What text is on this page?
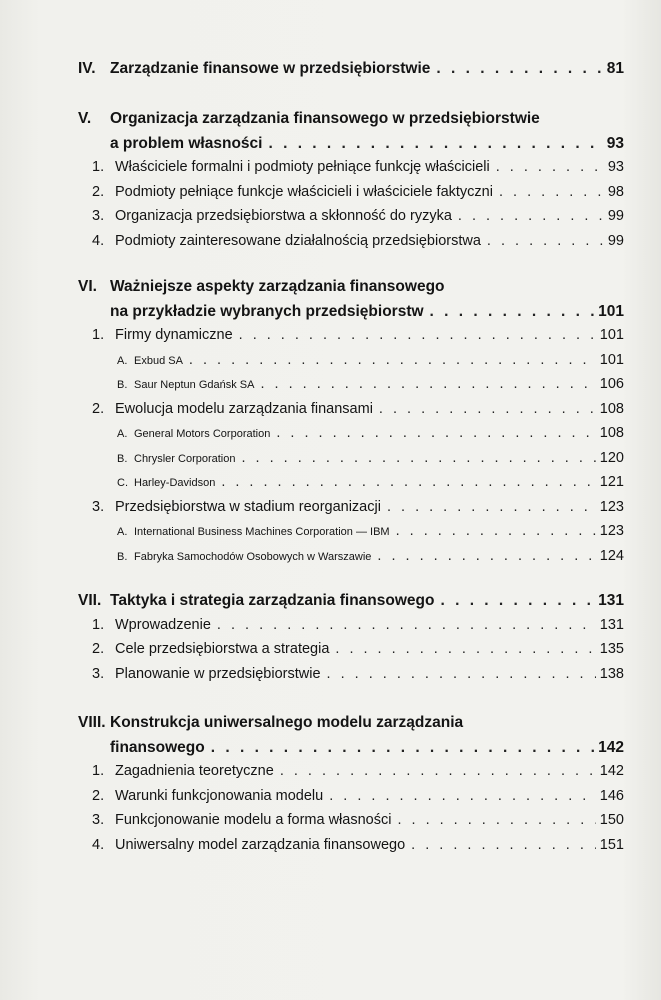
IV. Zarządzanie finansowe w przedsiębiorstwie . . .	81
V.	Organizacja zarządzania finansowego w przedsiębiorstwie
a problem własności . . .	93
1. Właściciele formalni i podmioty pełniące funkcję właścicieli . . .	93
2. Podmioty pełniące funkcje właścicieli i właściciele faktyczni . . .	98
3. Organizacja przedsiębiorstwa a skłonność do ryzyka . . .	99
4. Podmioty zainteresowane działalnością przedsiębiorstwa . . .	99
VI. Ważniejsze aspekty zarządzania finansowego
na przykładzie wybranych przedsiębiorstw . . .	101
1. Firmy dynamiczne . . .	101
A. Exbud SA . . .	101
B. Saur Neptun Gdańsk SA . . .	106
2. Ewolucja modelu zarządzania finansami . . .	108
A. General Motors Corporation . . .	108
B. Chrysler Corporation . . .	120
C. Harley-Davidson . . .	121
3. Przedsiębiorstwa w stadium reorganizacji . . .	123
A. International Business Machines Corporation — IBM . . .	123
B. Fabryka Samochodów Osobowych w Warszawie . . .	124
VII. Taktyka i strategia zarządzania finansowego . . .	131
1. Wprowadzenie . . .	131
2. Cele przedsiębiorstwa a strategia . . .	135
3. Planowanie w przedsiębiorstwie . . .	138
VIII. Konstrukcja uniwersalnego modelu zarządzania
finansowego . . .	142
1. Zagadnienia teoretyczne . . .	142
2. Warunki funkcjonowania modelu . . .	146
3. Funkcjonowanie modelu a forma własności . . .	150
4. Uniwersalny model zarządzania finansowego . . .	151
